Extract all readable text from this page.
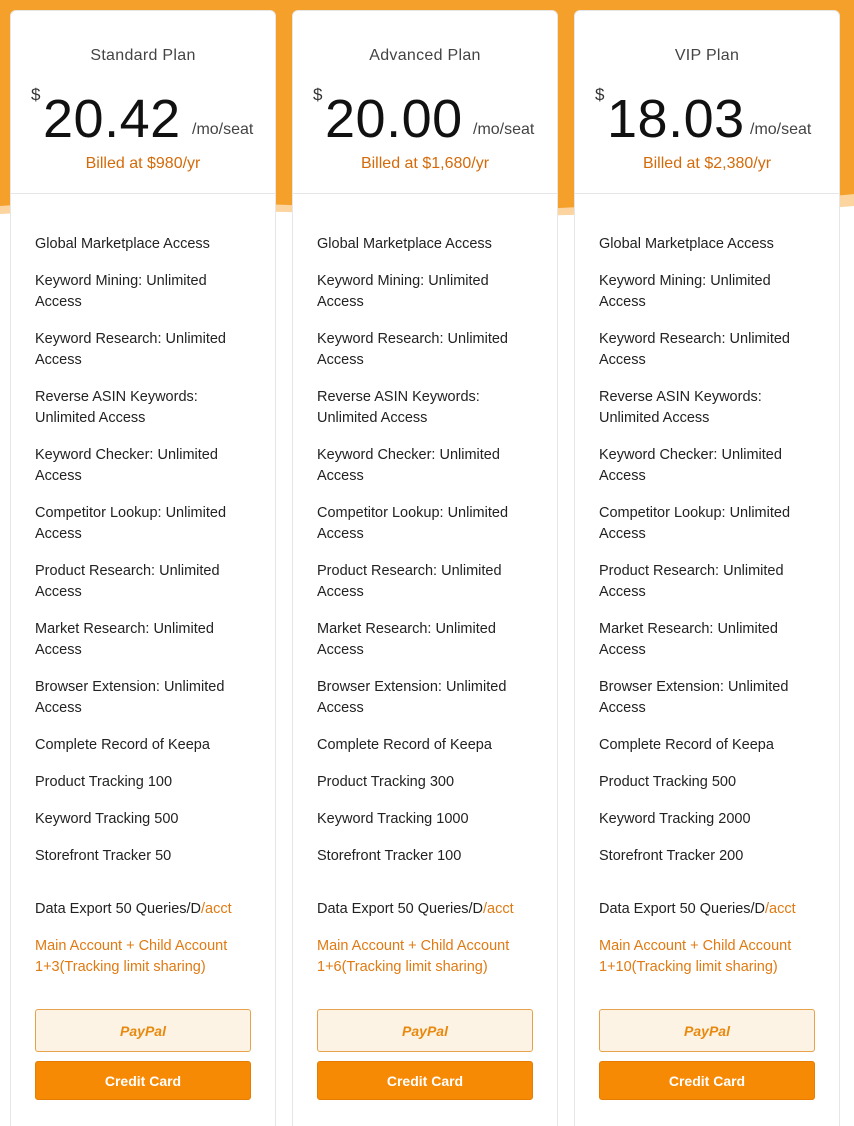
Standard Plan
$ 20.42 /mo/seat
Billed at $980/yr
Global Marketplace Access
Keyword Mining: Unlimited Access
Keyword Research: Unlimited Access
Reverse ASIN Keywords: Unlimited Access
Keyword Checker: Unlimited Access
Competitor Lookup: Unlimited Access
Product Research: Unlimited Access
Market Research: Unlimited Access
Browser Extension: Unlimited Access
Complete Record of Keepa
Product Tracking 100
Keyword Tracking 500
Storefront Tracker 50
Data Export 50 Queries/D/acct
Main Account + Child Account 1+3(Tracking limit sharing)
PayPal
Credit Card
Advanced Plan
$ 20.00 /mo/seat
Billed at $1,680/yr
Global Marketplace Access
Keyword Mining: Unlimited Access
Keyword Research: Unlimited Access
Reverse ASIN Keywords: Unlimited Access
Keyword Checker: Unlimited Access
Competitor Lookup: Unlimited Access
Product Research: Unlimited Access
Market Research: Unlimited Access
Browser Extension: Unlimited Access
Complete Record of Keepa
Product Tracking 300
Keyword Tracking 1000
Storefront Tracker 100
Data Export 50 Queries/D/acct
Main Account + Child Account 1+6(Tracking limit sharing)
PayPal
Credit Card
VIP Plan
$ 18.03 /mo/seat
Billed at $2,380/yr
Global Marketplace Access
Keyword Mining: Unlimited Access
Keyword Research: Unlimited Access
Reverse ASIN Keywords: Unlimited Access
Keyword Checker: Unlimited Access
Competitor Lookup: Unlimited Access
Product Research: Unlimited Access
Market Research: Unlimited Access
Browser Extension: Unlimited Access
Complete Record of Keepa
Product Tracking 500
Keyword Tracking 2000
Storefront Tracker 200
Data Export 50 Queries/D/acct
Main Account + Child Account 1+10(Tracking limit sharing)
PayPal
Credit Card
